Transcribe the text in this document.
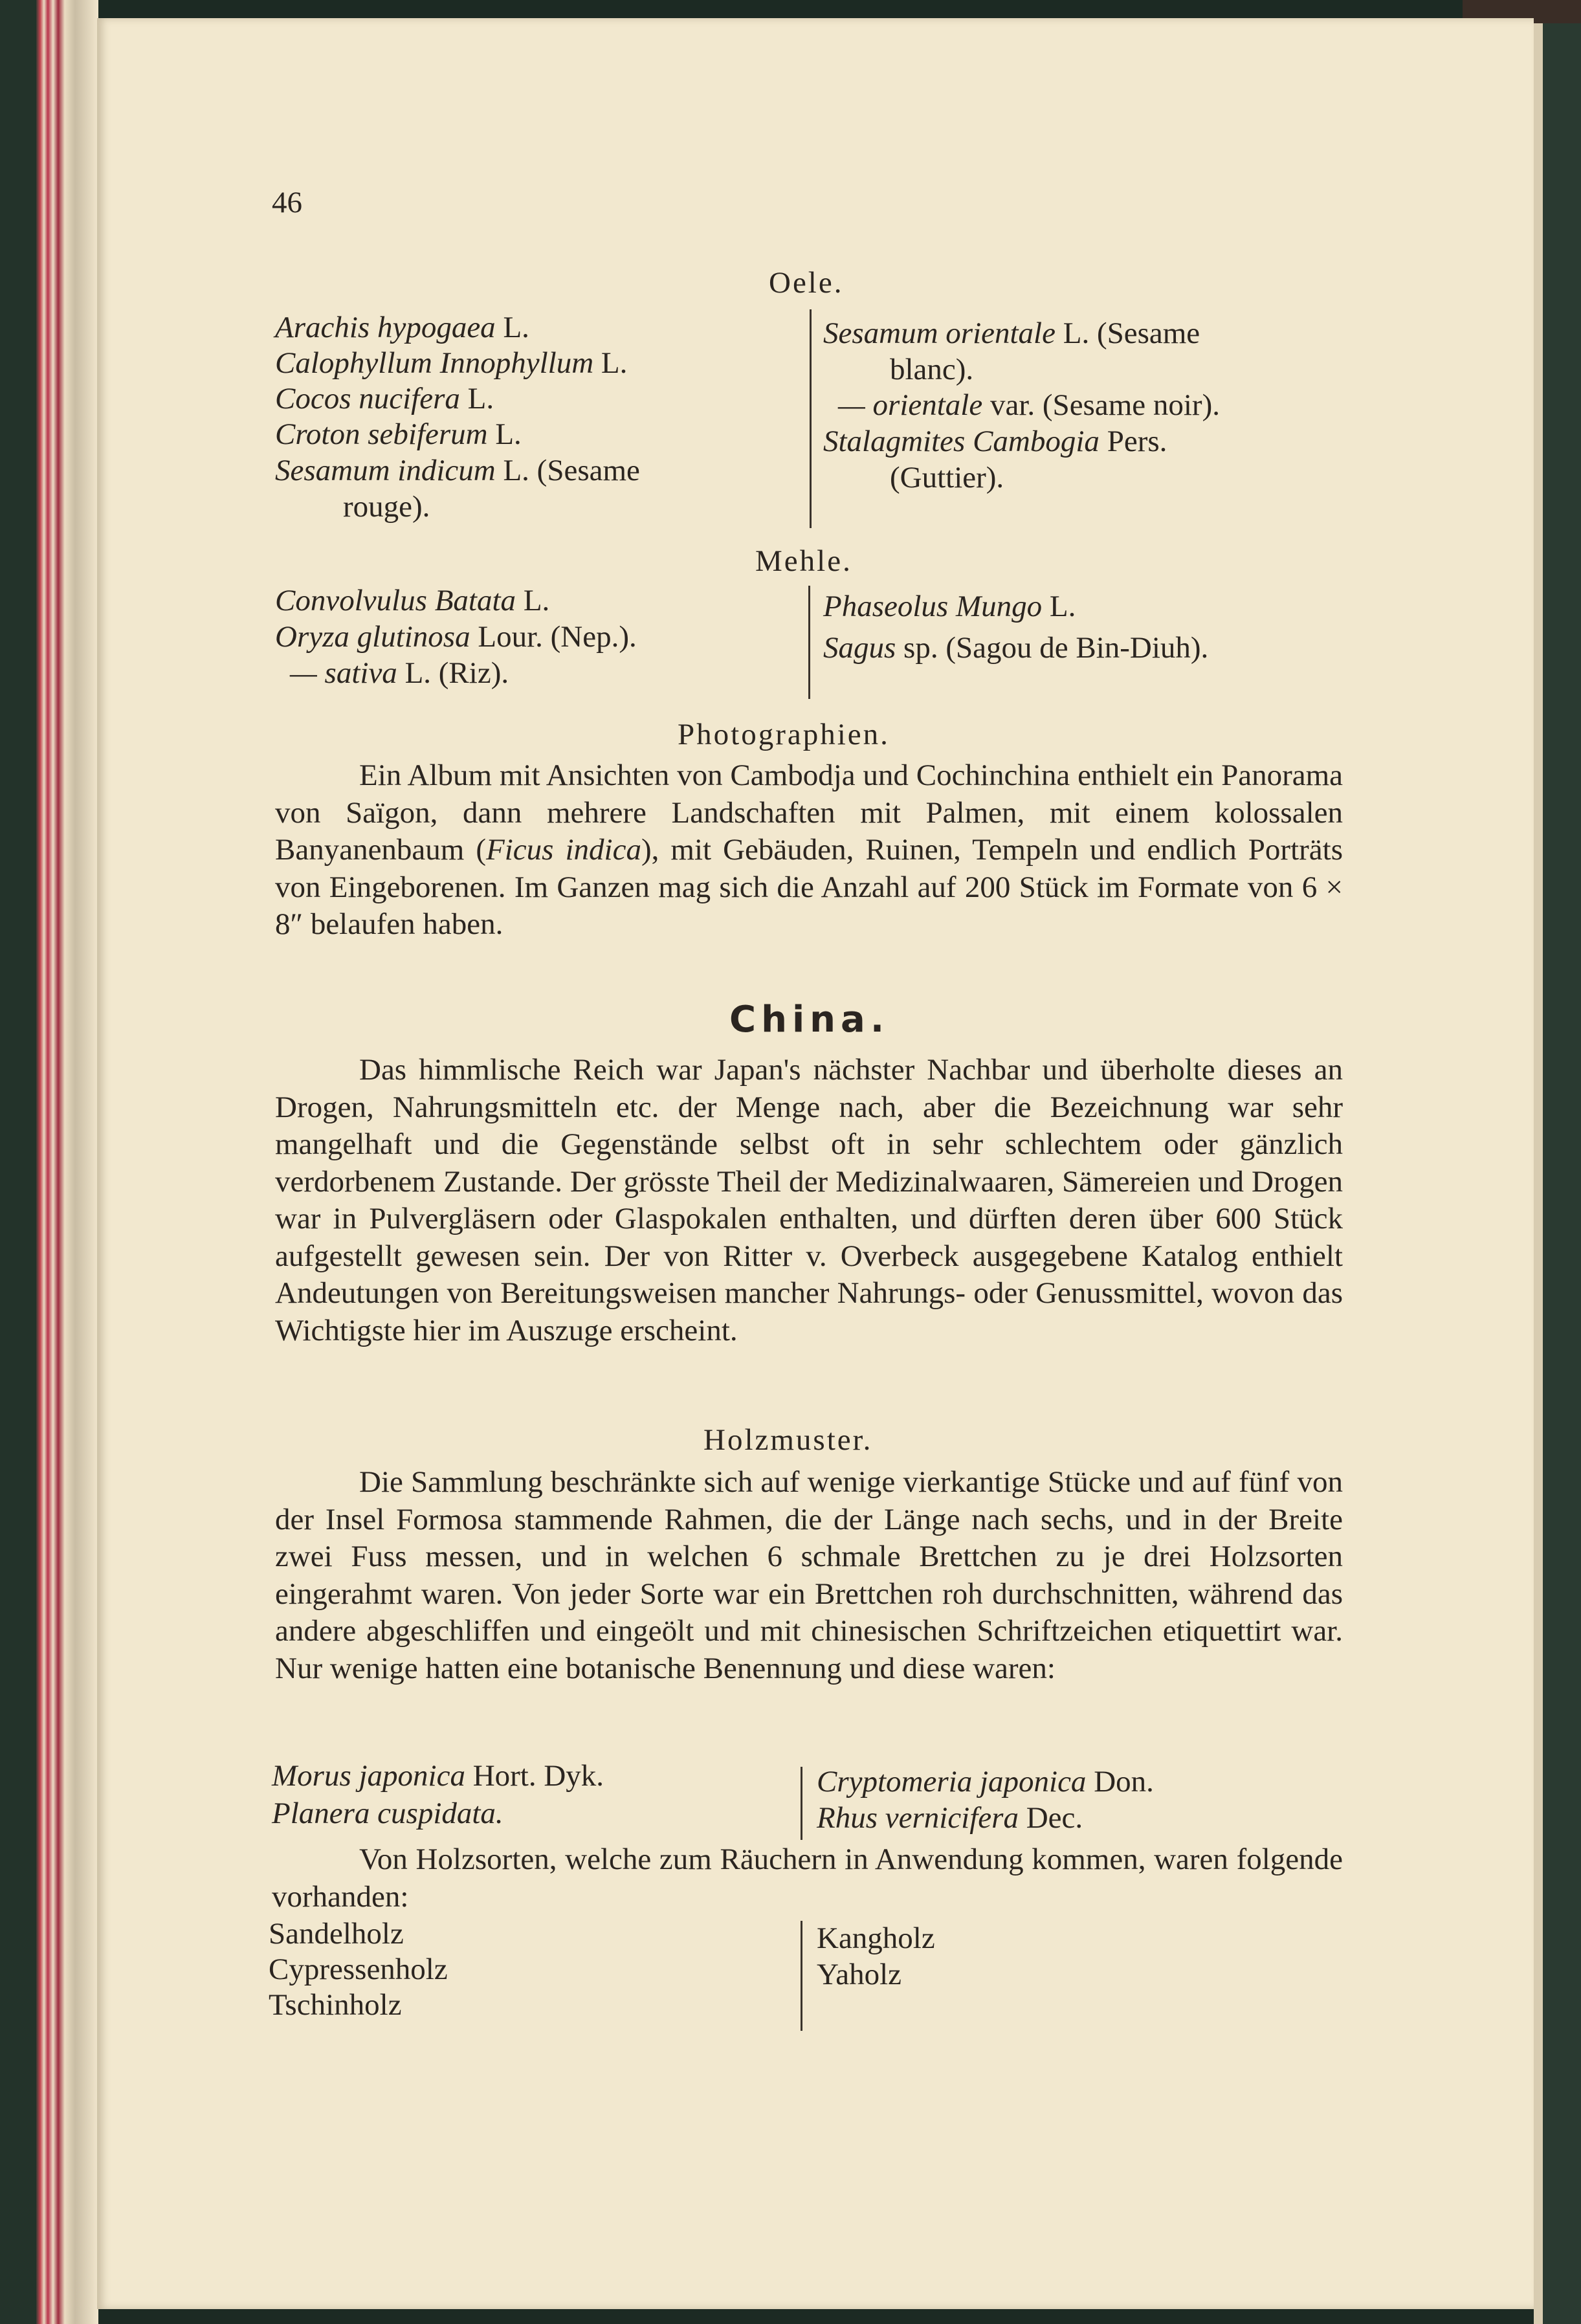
46
Oele.
Arachis hypogaea L.
Calophyllum Innophyllum L.
Cocos nucifera L.
Croton sebiferum L.
Sesamum indicum L. (Sesame
rouge).
Sesamum orientale L. (Sesame
blanc).
— orientale var. (Sesame noir).
Stalagmites Cambogia Pers.
(Guttier).
Mehle.
Convolvulus Batata L.
Oryza glutinosa Lour. (Nep.).
— sativa L. (Riz).
Phaseolus Mungo L.
Sagus sp. (Sagou de Bin-Diuh).
Photographien.

Ein Album mit Ansichten von Cambodja und Cochinchina enthielt ein Panorama von Saïgon, dann mehrere Landschaften mit Palmen, mit einem kolossalen Banyanenbaum (Ficus indica), mit Gebäuden, Ruinen, Tempeln und endlich Porträts von Eingeborenen. Im Ganzen mag sich die Anzahl auf 200 Stück im Formate von 6 × 8″ belaufen haben.

China.

Das himmlische Reich war Japan's nächster Nachbar und überholte dieses an Drogen, Nahrungsmitteln etc. der Menge nach, aber die Bezeichnung war sehr mangelhaft und die Gegenstände selbst oft in sehr schlechtem oder gänzlich verdorbenem Zustande. Der grösste Theil der Medizinalwaaren, Sämereien und Drogen war in Pulvergläsern oder Glaspokalen enthalten, und dürften deren über 600 Stück aufgestellt gewesen sein. Der von Ritter v. Overbeck ausgegebene Katalog enthielt Andeutungen von Bereitungsweisen mancher Nahrungs- oder Genussmittel, wovon das Wichtigste hier im Auszuge erscheint.

Holzmuster.

Die Sammlung beschränkte sich auf wenige vierkantige Stücke und auf fünf von der Insel Formosa stammende Rahmen, die der Länge nach sechs, und in der Breite zwei Fuss messen, und in welchen 6 schmale Brettchen zu je drei Holzsorten eingerahmt waren. Von jeder Sorte war ein Brettchen roh durchschnitten, während das andere abgeschliffen und eingeölt und mit chinesischen Schriftzeichen etiquettirt war. Nur wenige hatten eine botanische Benennung und diese waren:

Morus japonica Hort. Dyk.
Planera cuspidata.
Cryptomeria japonica Don.
Rhus vernicifera Dec.

Von Holzsorten, welche zum Räuchern in Anwendung kommen, waren folgende vorhanden:

Sandelholz
Cypressenholz
Tschinholz
Kangholz
Yaholz
